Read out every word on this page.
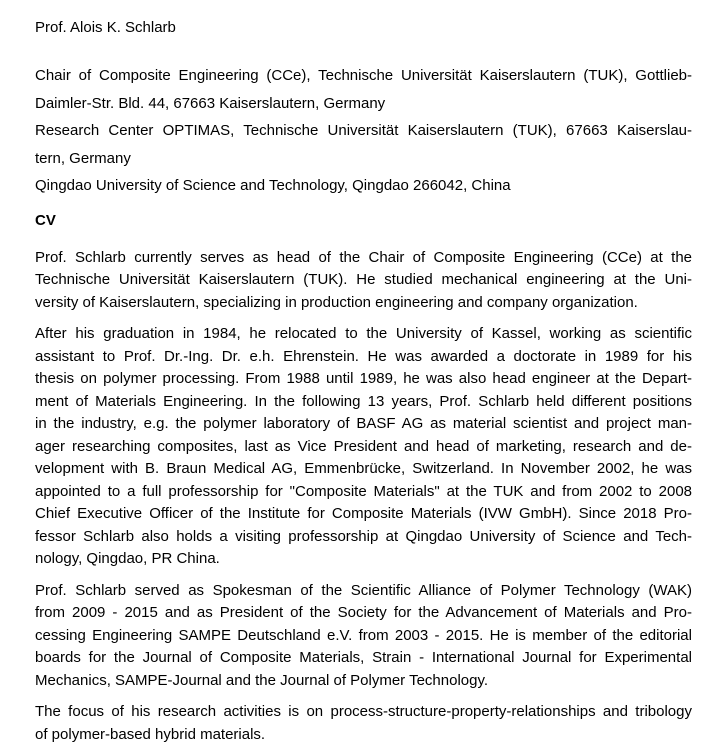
Prof. Alois K. Schlarb
Chair of Composite Engineering (CCe), Technische Universität Kaiserslautern (TUK), Gottlieb-
Daimler-Str. Bld. 44, 67663 Kaiserslautern, Germany
Research Center OPTIMAS, Technische Universität Kaiserslautern (TUK), 67663 Kaiserslau-
tern, Germany
Qingdao University of Science and Technology, Qingdao 266042, China
CV
Prof. Schlarb currently serves as head of the Chair of Composite Engineering (CCe) at the
Technische Universität Kaiserslautern (TUK). He studied mechanical engineering at the Uni-
versity of Kaiserslautern, specializing in production engineering and company organization.
After his graduation in 1984, he relocated to the University of Kassel, working as scientific
assistant to Prof. Dr.-Ing. Dr. e.h. Ehrenstein. He was awarded a doctorate in 1989 for his
thesis on polymer processing. From 1988 until 1989, he was also head engineer at the Depart-
ment of Materials Engineering. In the following 13 years, Prof. Schlarb held different positions
in the industry, e.g. the polymer laboratory of BASF AG as material scientist and project man-
ager researching composites, last as Vice President and head of marketing, research and de-
velopment with B. Braun Medical AG, Emmenbrücke, Switzerland. In November 2002, he was
appointed to a full professorship for "Composite Materials" at the TUK and from 2002 to 2008
Chief Executive Officer of the Institute for Composite Materials (IVW GmbH). Since 2018 Pro-
fessor Schlarb also holds a visiting professorship at Qingdao University of Science and Tech-
nology, Qingdao, PR China.
Prof. Schlarb served as Spokesman of the Scientific Alliance of Polymer Technology (WAK)
from 2009 - 2015 and as President of the Society for the Advancement of Materials and Pro-
cessing Engineering SAMPE Deutschland e.V. from 2003 - 2015. He is member of the editorial
boards for the Journal of Composite Materials, Strain - International Journal for Experimental
Mechanics, SAMPE-Journal and the Journal of Polymer Technology.
The focus of his research activities is on process-structure-property-relationships and tribology
of polymer-based hybrid materials.
